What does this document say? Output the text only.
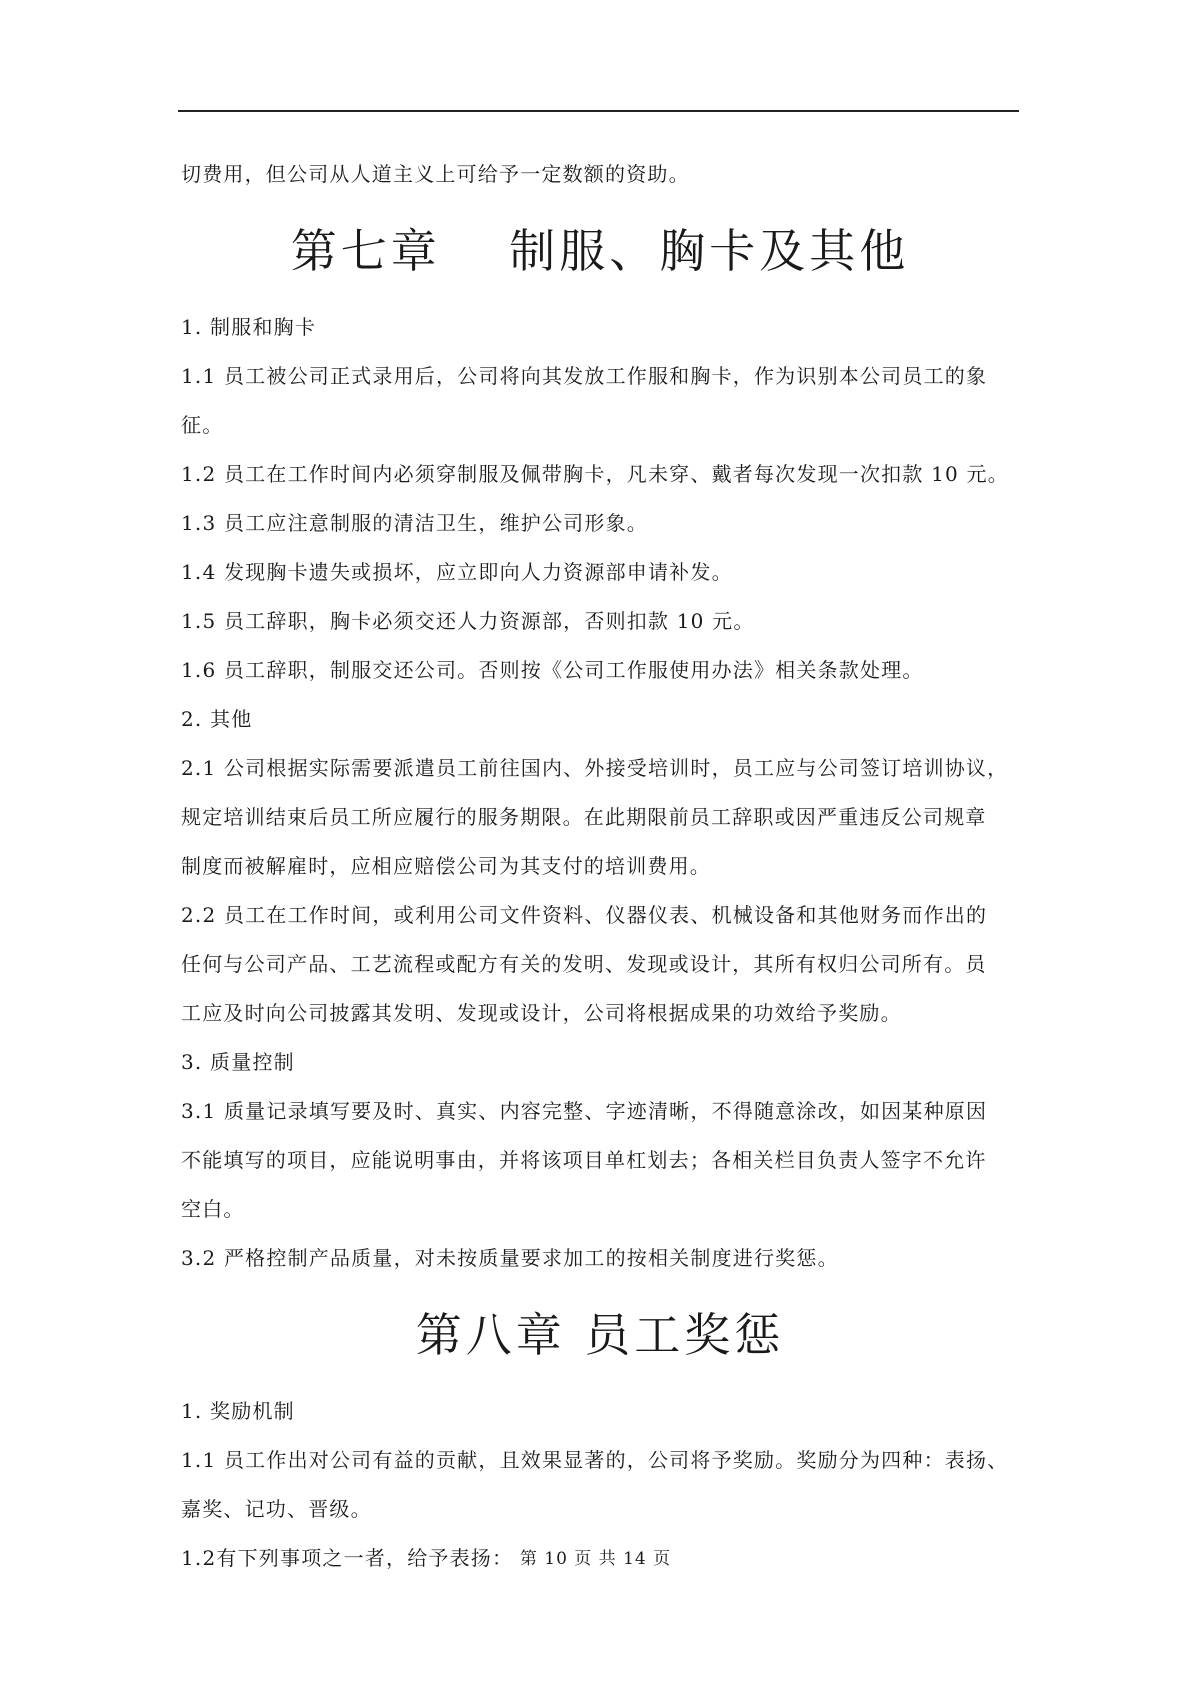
切费用，但公司从人道主义上可给予一定数额的资助。

第七章　 制服、胸卡及其他

1. 制服和胸卡

1.1 员工被公司正式录用后，公司将向其发放工作服和胸卡，作为识别本公司员工的象

征。

1.2 员工在工作时间内必须穿制服及佩带胸卡，凡未穿、戴者每次发现一次扣款 10 元。

1.3 员工应注意制服的清洁卫生，维护公司形象。

1.4 发现胸卡遗失或损坏，应立即向人力资源部申请补发。

1.5 员工辞职，胸卡必须交还人力资源部，否则扣款 10 元。

1.6 员工辞职，制服交还公司。否则按《公司工作服使用办法》相关条款处理。

2. 其他

2.1 公司根据实际需要派遣员工前往国内、外接受培训时，员工应与公司签订培训协议，

规定培训结束后员工所应履行的服务期限。在此期限前员工辞职或因严重违反公司规章

制度而被解雇时，应相应赔偿公司为其支付的培训费用。

2.2 员工在工作时间，或利用公司文件资料、仪器仪表、机械设备和其他财务而作出的

任何与公司产品、工艺流程或配方有关的发明、发现或设计，其所有权归公司所有。员

工应及时向公司披露其发明、发现或设计，公司将根据成果的功效给予奖励。

3. 质量控制

3.1 质量记录填写要及时、真实、内容完整、字迹清晰，不得随意涂改，如因某种原因

不能填写的项目，应能说明事由，并将该项目单杠划去；各相关栏目负责人签字不允许

空白。

3.2 严格控制产品质量，对未按质量要求加工的按相关制度进行奖惩。

第八章 员工奖惩

1. 奖励机制

1.1 员工作出对公司有益的贡献，且效果显著的，公司将予奖励。奖励分为四种：表扬、

嘉奖、记功、晋级。

1.2有下列事项之一者，给予表扬： 第 10 页 共 14 页
